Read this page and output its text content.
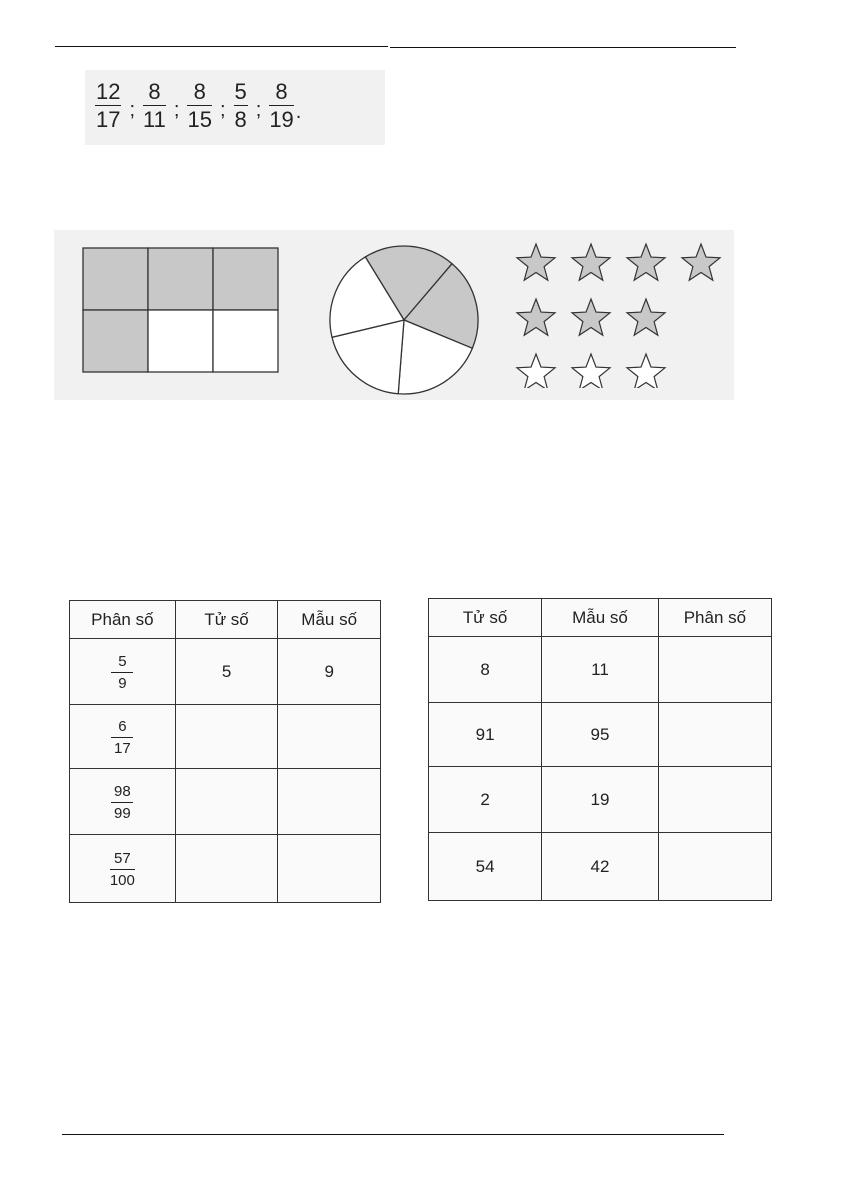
$\frac{12}{17}$ ; $\frac{8}{11}$ ; $\frac{8}{15}$ ; $\frac{5}{8}$ ; $\frac{8}{19}$ .
Phân số	Tử số	Mẫu số

$\frac{5}{9}$	5	9

$\frac{6}{17}$

$\frac{98}{99}$

$\frac{57}{100}$

Tử số	Mẫu số	Phân số
8	11	
91	95	
2	19	
54	42	
